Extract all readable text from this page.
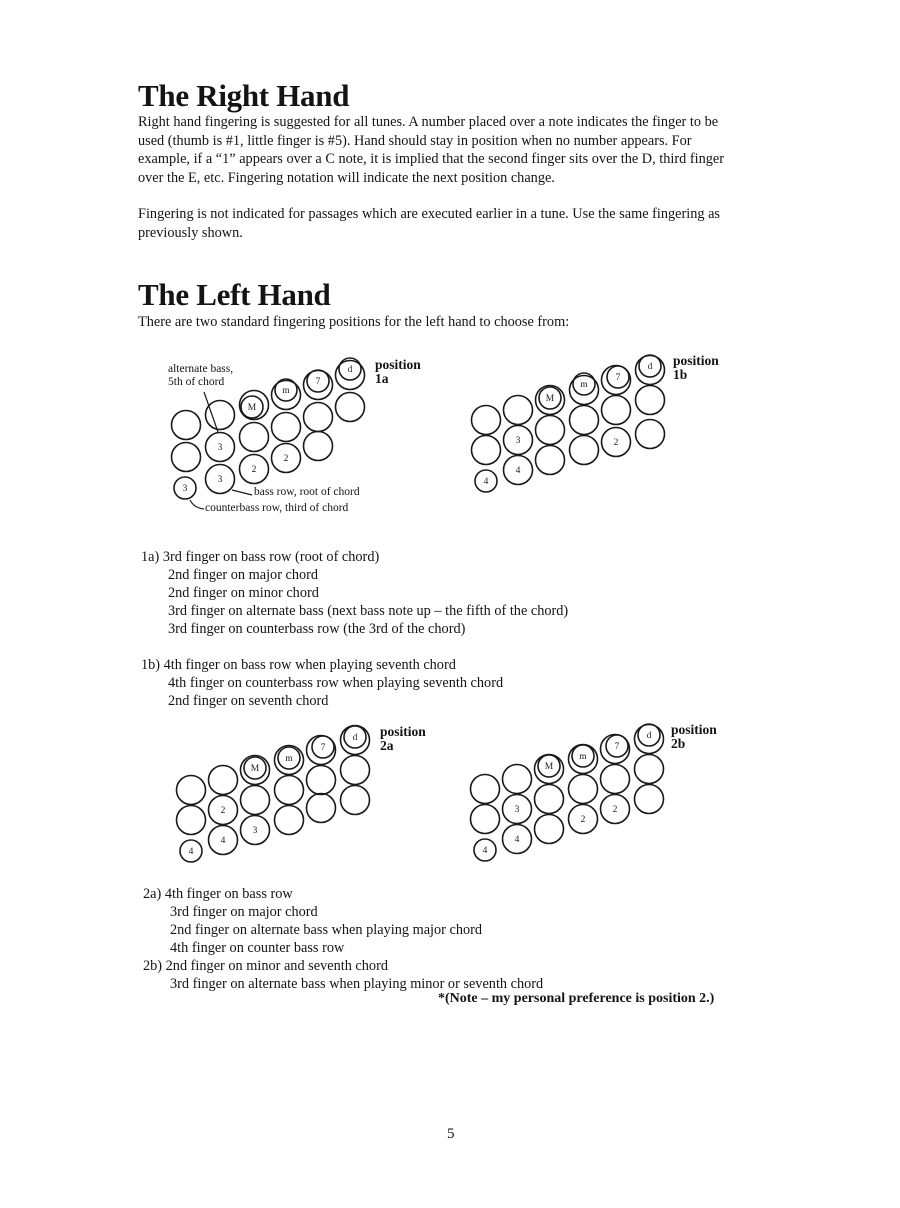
The Right Hand
Right hand fingering is suggested for all tunes. A number placed over a note indicates the finger to be
used (thumb is #1, little finger is #5). Hand should stay in position when no number appears. For
example, if a “1” appears over a C note, it is implied that the second finger sits over the D, third finger
over the E, etc. Fingering notation will indicate the next position change.
Fingering is not indicated for passages which are executed earlier in a tune. Use the same fingering as
previously shown.
The Left Hand
There are two standard fingering positions for the left hand to choose from:
M
m
7
d
3
2
2
3
3
alternate bass,
5th of chord
bass row, root of chord
counterbass row, third of chord
position
1a
M
m
7
d
3	2
4
4
position
1b
1a) 3rd finger on bass row (root of chord)
2nd finger on major chord
2nd finger on minor chord
3rd finger on alternate bass (next bass note up – the fifth of the chord)
3rd finger on counterbass row (the 3rd of the chord)
1b) 4th finger on bass row when playing seventh chord
4th finger on counterbass row when playing seventh chord
2nd finger on seventh chord
M
m
7
d
2
3
4
4
position
2a
M
m
7
d
3
2
2
4
4
position
2b
2a) 4th finger on bass row
3rd finger on major chord
2nd finger on alternate bass when playing major chord
4th finger on counter bass row
2b) 2nd finger on minor and seventh chord
3rd finger on alternate bass when playing minor or seventh chord
*(Note – my personal preference is position 2.)
5
